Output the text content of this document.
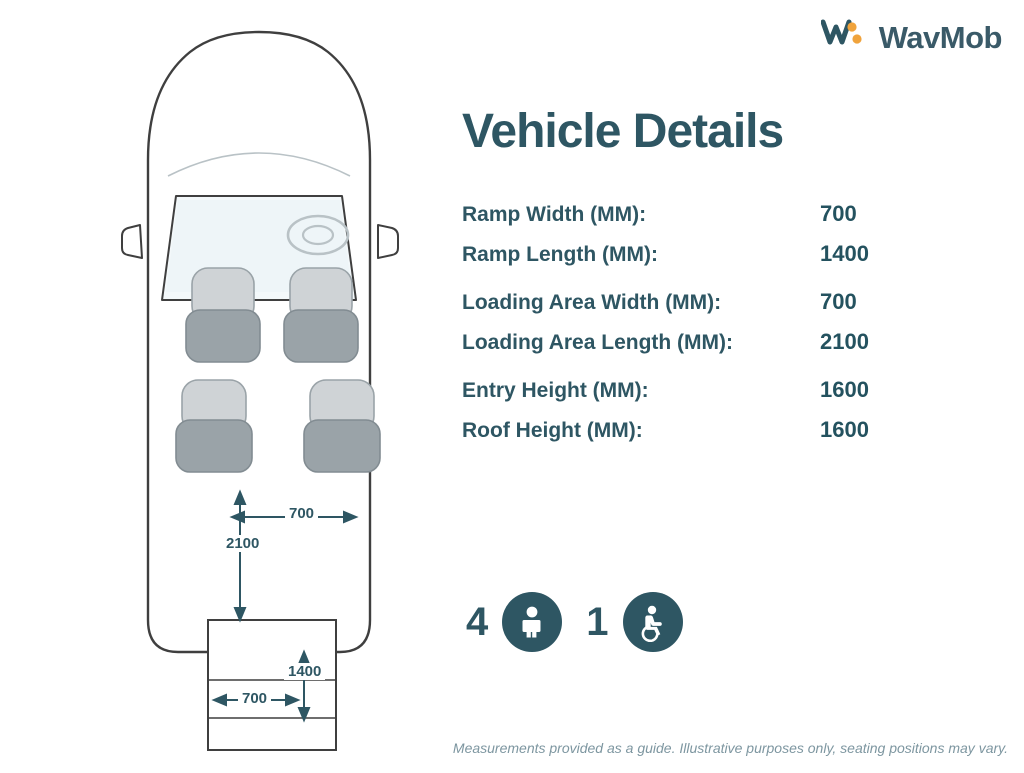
WavMob
700
2100
1400
700
Vehicle Details
Ramp Width (MM):	700
Ramp Length (MM):	1400
Loading Area Width (MM):	700
Loading Area Length (MM):	2100
Entry Height (MM):	1600
Roof Height (MM):	1600
4 1
Measurements provided as a guide. Illustrative purposes only, seating positions may vary.
